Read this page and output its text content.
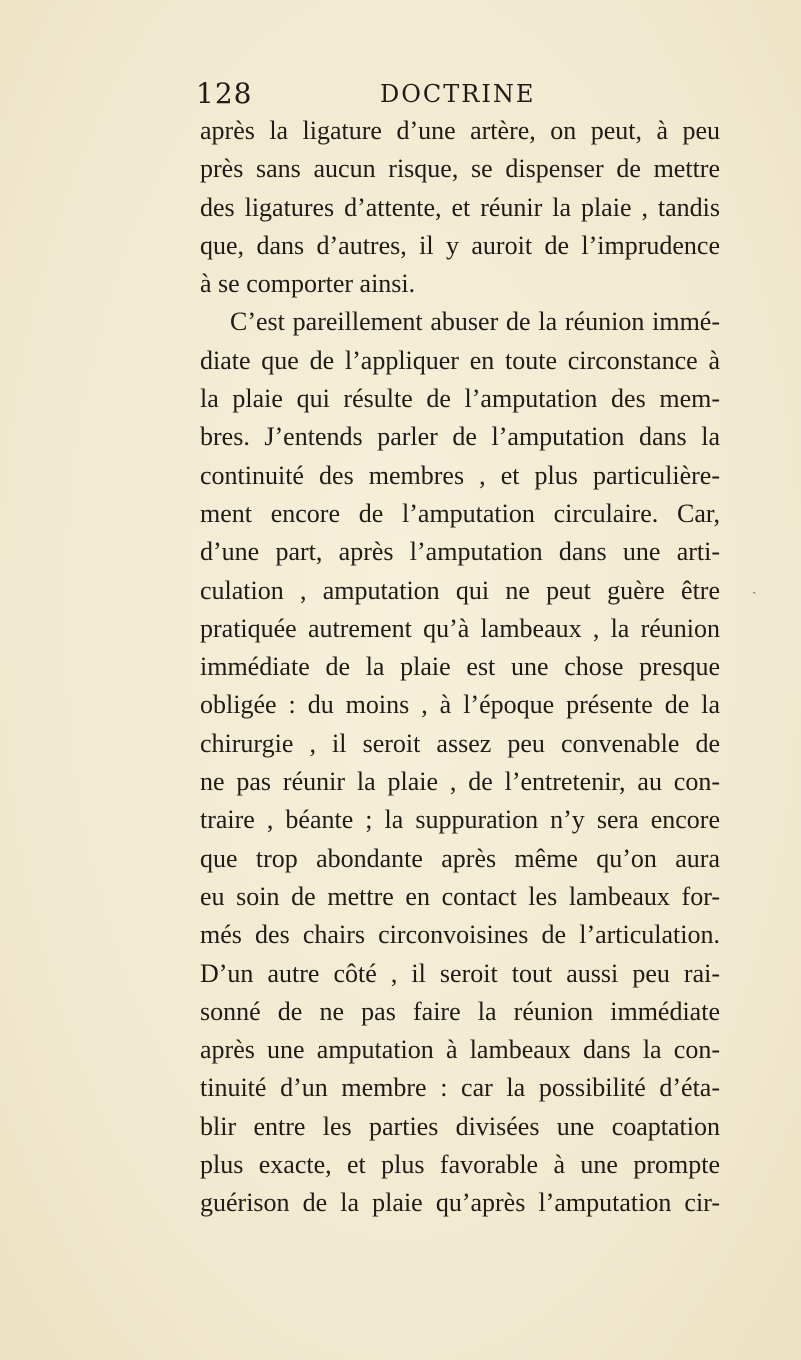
128	DOCTRINE
après la ligature d’une artère, on peut, à peu
près sans aucun risque, se dispenser de mettre
des ligatures d’attente, et réunir la plaie , tandis
que, dans d’autres, il y auroit de l’imprudence
à se comporter ainsi.
C’est pareillement abuser de la réunion immé-
diate que de l’appliquer en toute circonstance à
la plaie qui résulte de l’amputation des mem-
bres. J’entends parler de l’amputation dans la
continuité des membres , et plus particulière-
ment encore de l’amputation circulaire. Car,
d’une part, après l’amputation dans une arti-
culation , amputation qui ne peut guère être
pratiquée autrement qu’à lambeaux , la réunion
immédiate de la plaie est une chose presque
obligée : du moins , à l’époque présente de la
chirurgie , il seroit assez peu convenable de
ne pas réunir la plaie , de l’entretenir, au con-
traire , béante ; la suppuration n’y sera encore
que trop abondante après même qu’on aura
eu soin de mettre en contact les lambeaux for-
més des chairs circonvoisines de l’articulation.
D’un autre côté , il seroit tout aussi peu rai-
sonné de ne pas faire la réunion immédiate
après une amputation à lambeaux dans la con-
tinuité d’un membre : car la possibilité d’éta-
blir entre les parties divisées une coaptation
plus exacte, et plus favorable à une prompte
guérison de la plaie qu’après l’amputation cir-
ˏ
